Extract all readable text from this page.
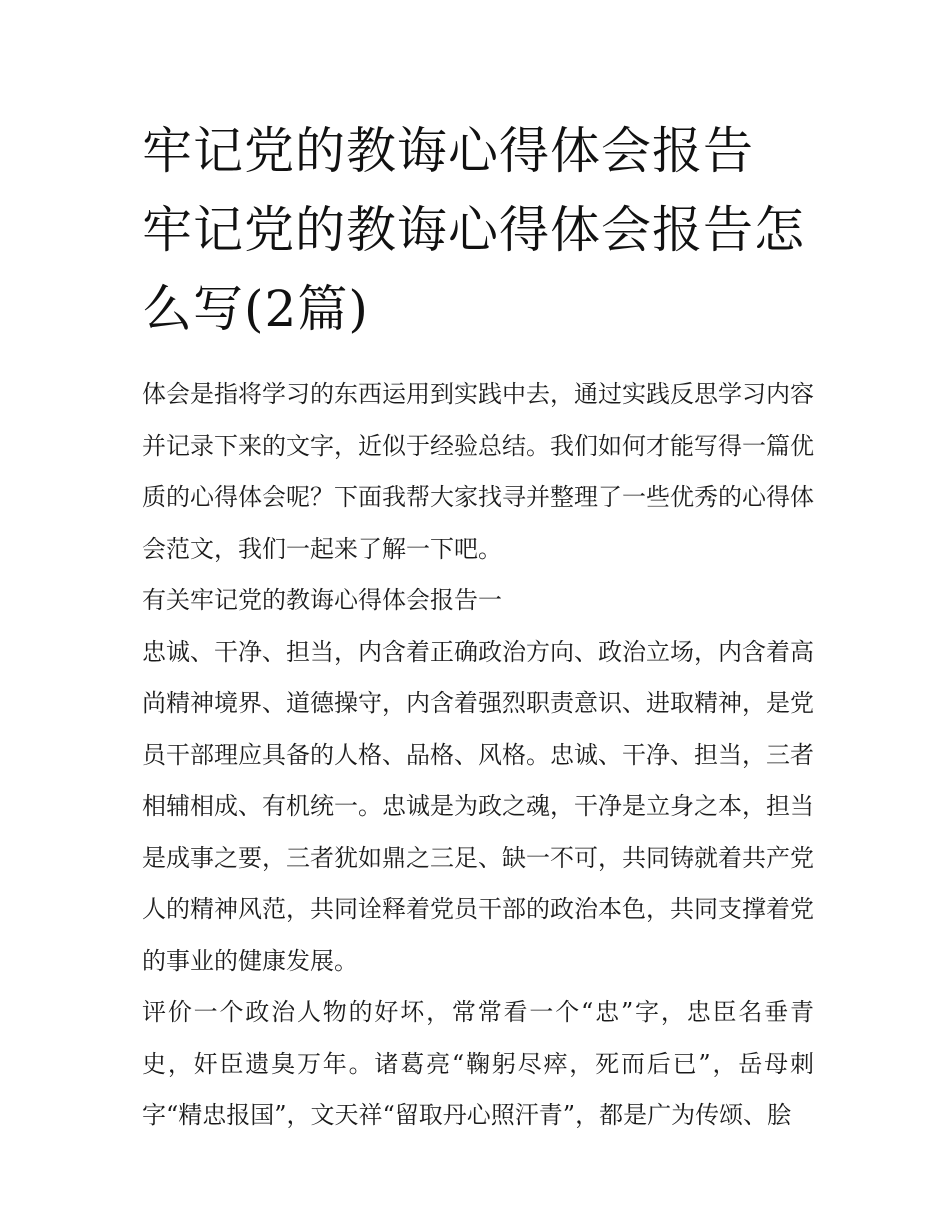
牢记党的教诲心得体会报告 牢记党的教诲心得体会报告怎么写(2篇)

体会是指将学习的东西运用到实践中去，通过实践反思学习内容并记录下来的文字，近似于经验总结。我们如何才能写得一篇优质的心得体会呢？下面我帮大家找寻并整理了一些优秀的心得体会范文，我们一起来了解一下吧。

有关牢记党的教诲心得体会报告一

忠诚、干净、担当，内含着正确政治方向、政治立场，内含着高尚精神境界、道德操守，内含着强烈职责意识、进取精神，是党员干部理应具备的人格、品格、风格。忠诚、干净、担当，三者相辅相成、有机统一。忠诚是为政之魂，干净是立身之本，担当是成事之要，三者犹如鼎之三足、缺一不可，共同铸就着共产党人的精神风范，共同诠释着党员干部的政治本色，共同支撑着党的事业的健康发展。

评价一个政治人物的好坏，常常看一个“忠”字，忠臣名垂青史，奸臣遗臭万年。诸葛亮“鞠躬尽瘁，死而后已”，岳母刺字“精忠报国”，文天祥“留取丹心照汗青”，都是广为传颂、脍
